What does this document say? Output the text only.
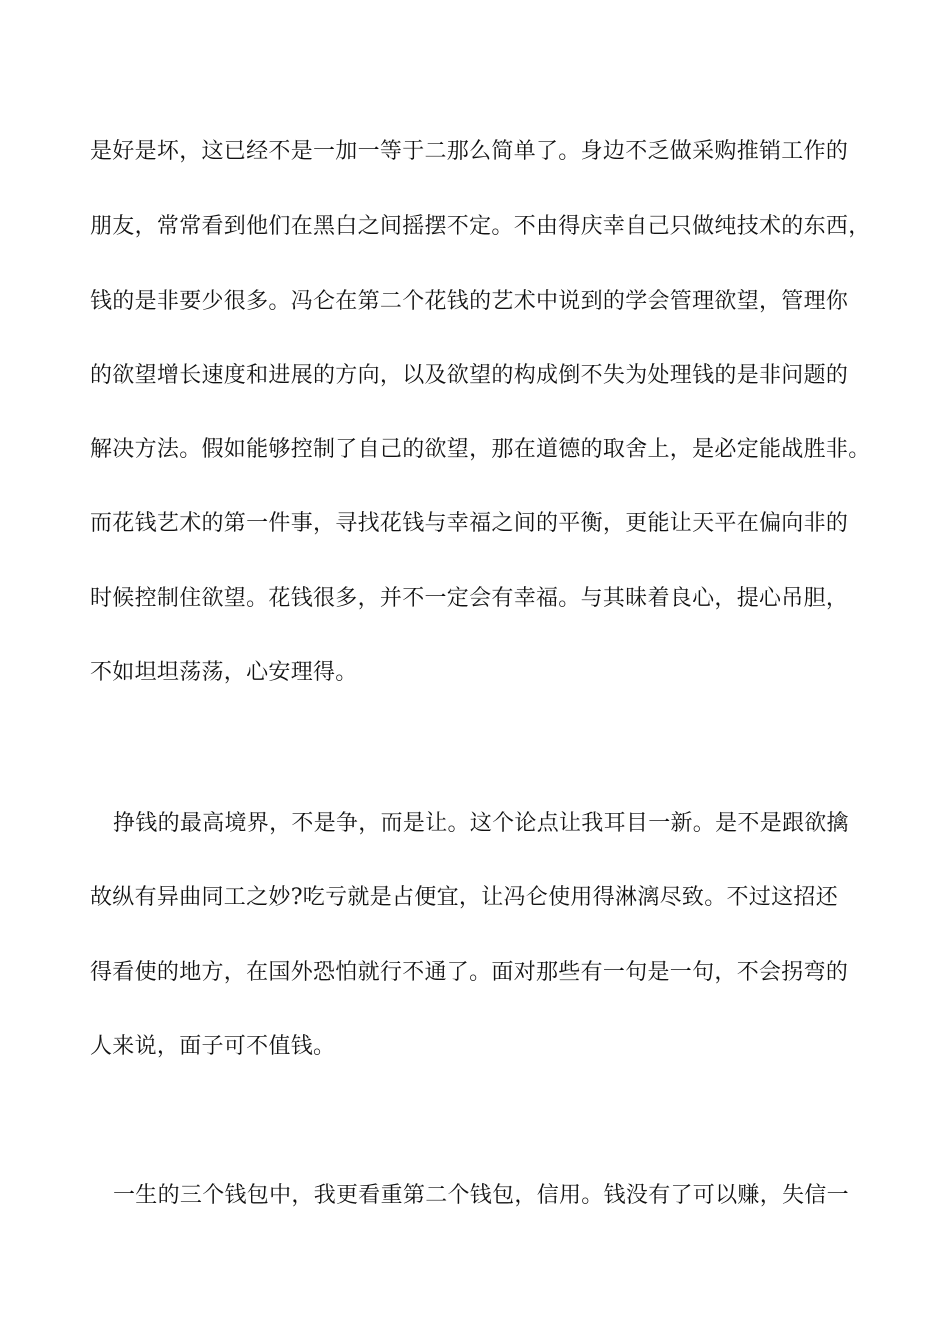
是好是坏，这已经不是一加一等于二那么简单了。身边不乏做采购推销工作的
朋友，常常看到他们在黑白之间摇摆不定。不由得庆幸自己只做纯技术的东西，
钱的是非要少很多。冯仑在第二个花钱的艺术中说到的学会管理欲望，管理你
的欲望增长速度和进展的方向，以及欲望的构成倒不失为处理钱的是非问题的
解决方法。假如能够控制了自己的欲望，那在道德的取舍上，是必定能战胜非。
而花钱艺术的第一件事，寻找花钱与幸福之间的平衡，更能让天平在偏向非的
时候控制住欲望。花钱很多，并不一定会有幸福。与其昧着良心，提心吊胆，
不如坦坦荡荡，心安理得。
挣钱的最高境界，不是争，而是让。这个论点让我耳目一新。是不是跟欲擒
故纵有异曲同工之妙?吃亏就是占便宜，让冯仑使用得淋漓尽致。不过这招还
得看使的地方，在国外恐怕就行不通了。面对那些有一句是一句，不会拐弯的
人来说，面子可不值钱。
一生的三个钱包中，我更看重第二个钱包，信用。钱没有了可以赚，失信一
